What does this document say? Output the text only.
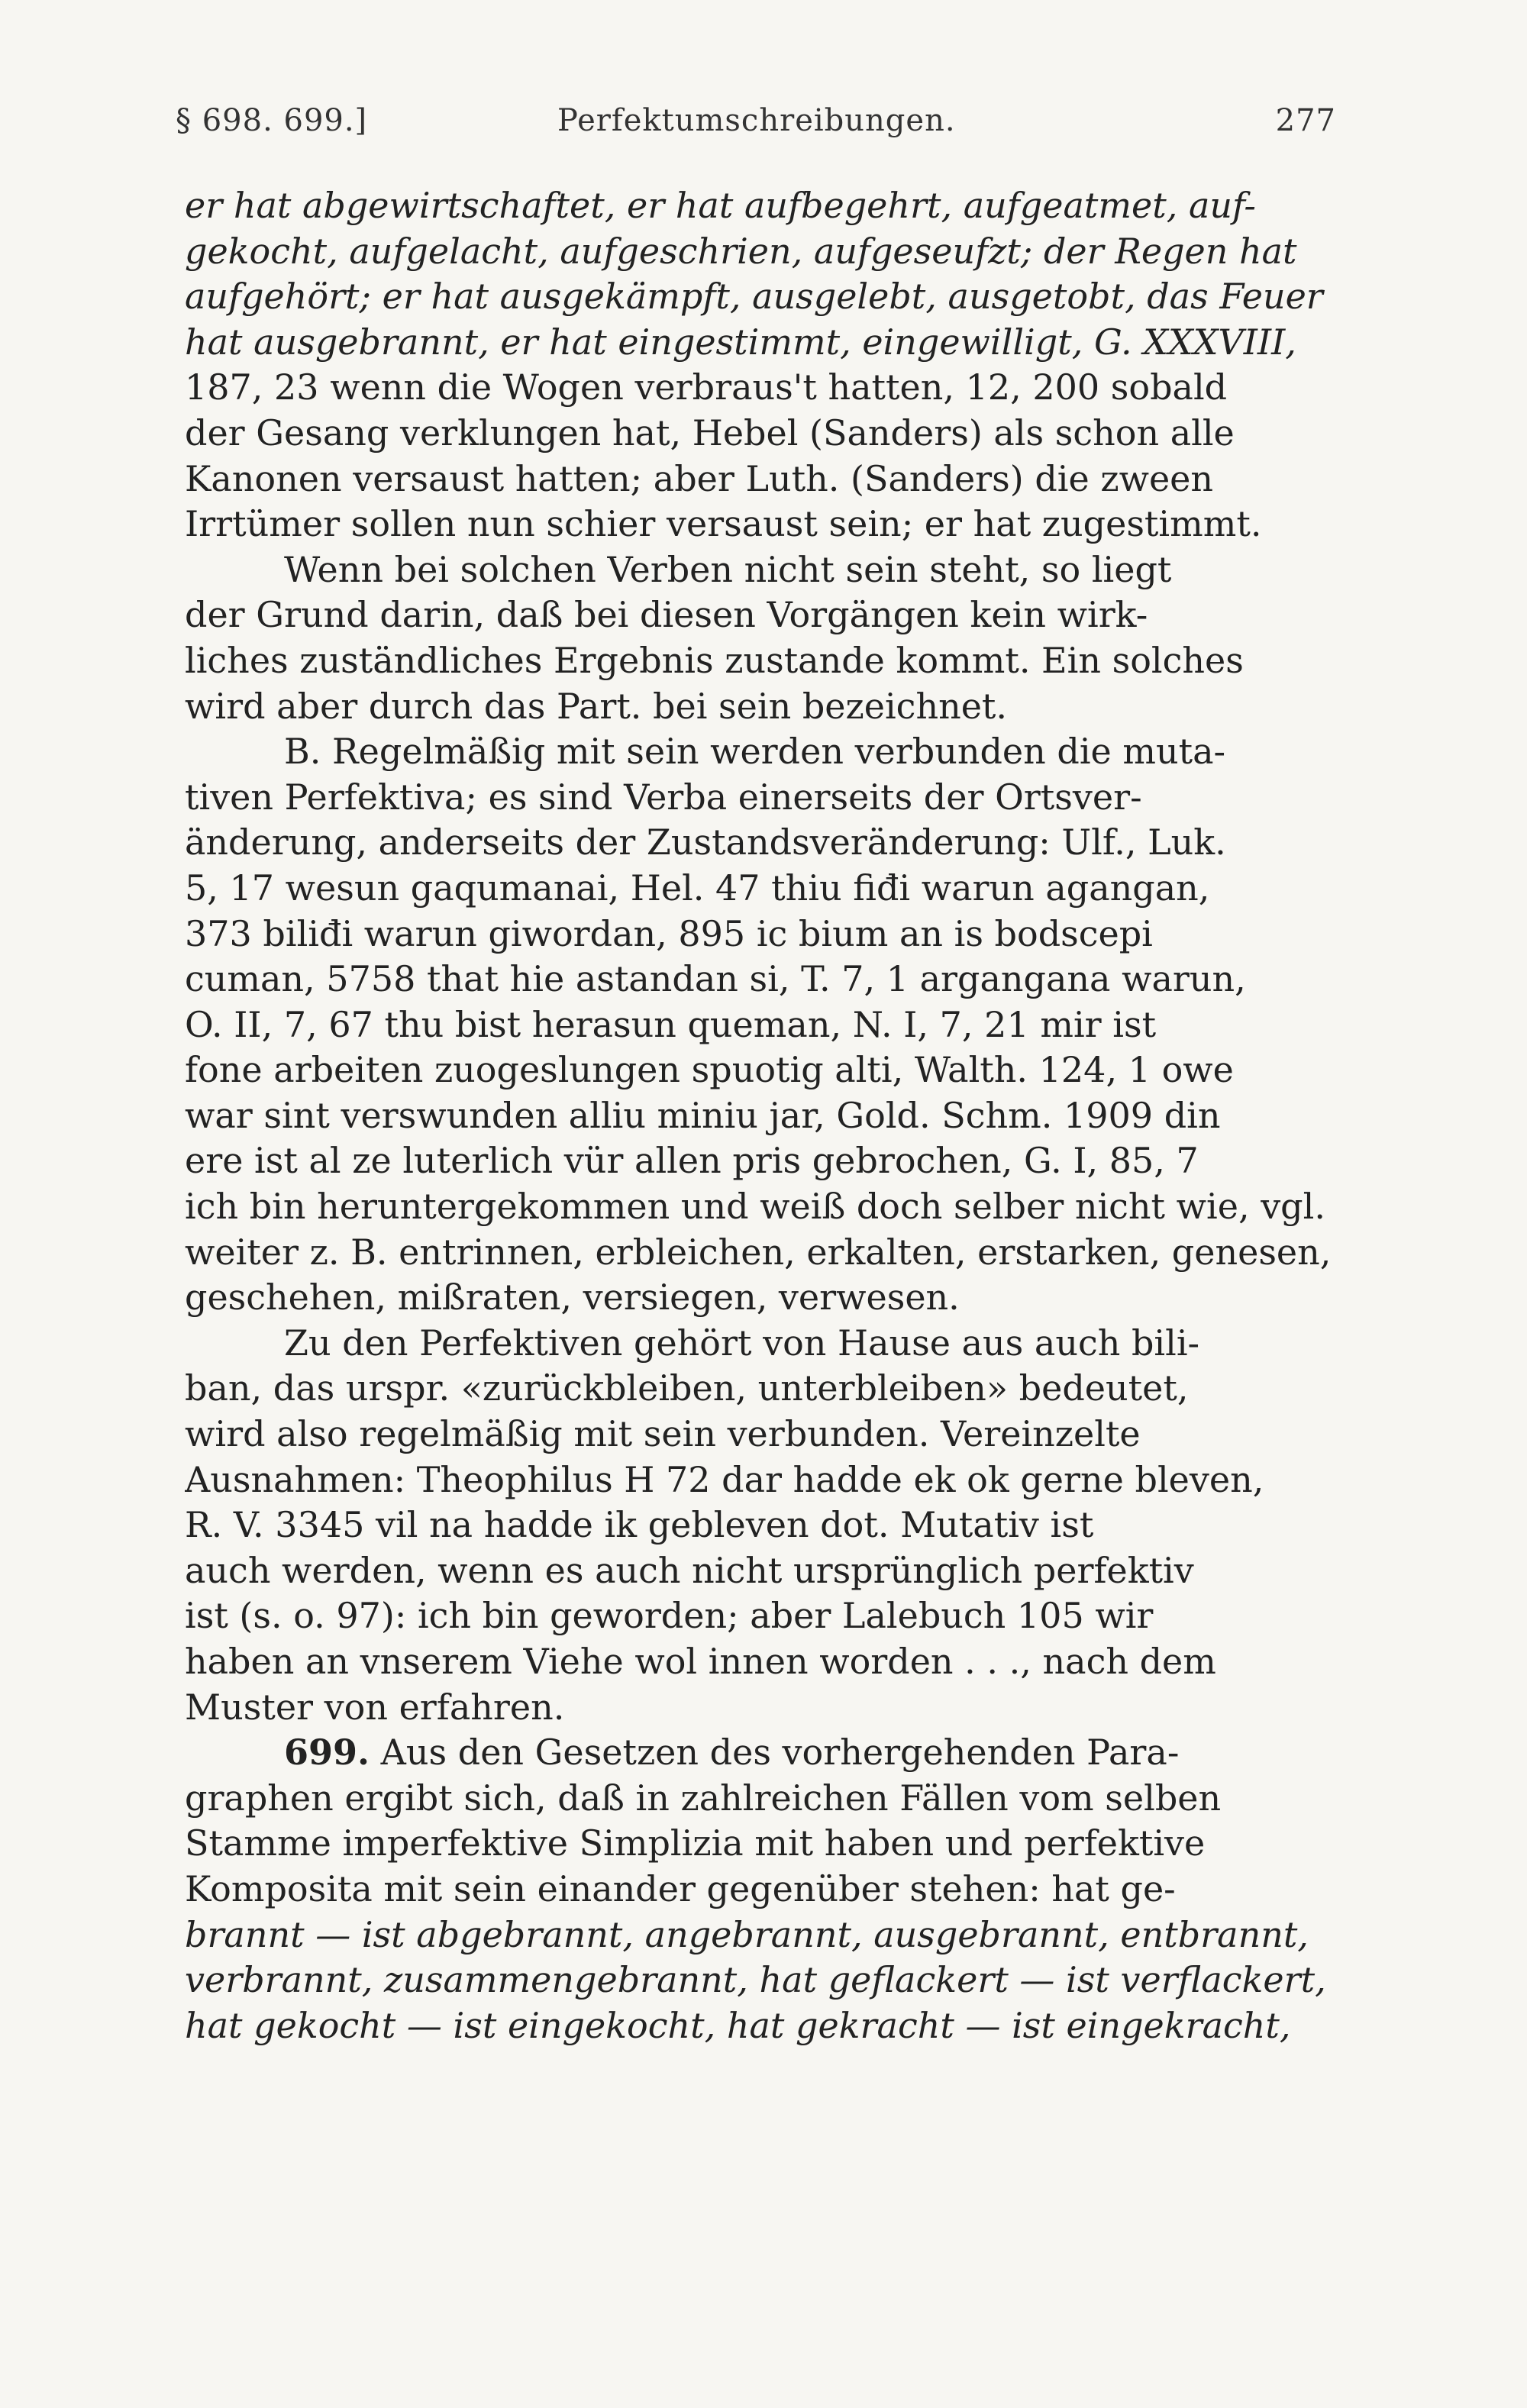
§ 698. 699.]	Perfektumschreibungen.	277
er hat abgewirtschaftet, er hat aufbegehrt, aufgeatmet, auf-
gekocht, aufgelacht, aufgeschrien, aufgeseufzt; der Regen hat
aufgehört; er hat ausgekämpft, ausgelebt, ausgetobt, das Feuer
hat ausgebrannt, er hat eingestimmt, eingewilligt, G. XXXVIII,
187, 23 wenn die Wogen verbraus't hatten, 12, 200 sobald
der Gesang verklungen hat, Hebel (Sanders) als schon alle
Kanonen versaust hatten; aber Luth. (Sanders) die zween
Irrtümer sollen nun schier versaust sein; er hat zugestimmt.
Wenn bei solchen Verben nicht sein steht, so liegt
der Grund darin, daß bei diesen Vorgängen kein wirk-
liches zuständliches Ergebnis zustande kommt. Ein solches
wird aber durch das Part. bei sein bezeichnet.
B. Regelmäßig mit sein werden verbunden die muta-
tiven Perfektiva; es sind Verba einerseits der Ortsver-
änderung, anderseits der Zustandsveränderung: Ulf., Luk.
5, 17 wesun gaqumanai, Hel. 47 thiu fiđi warun agangan,
373 biliđi warun giwordan, 895 ic bium an is bodscepi
cuman, 5758 that hie astandan si, T. 7, 1 argangana warun,
O. II, 7, 67 thu bist herasun queman, N. I, 7, 21 mir ist
fone arbeiten zuogeslungen spuotig alti, Walth. 124, 1 owe
war sint verswunden alliu miniu jar, Gold. Schm. 1909 din
ere ist al ze luterlich vür allen pris gebrochen, G. I, 85, 7
ich bin heruntergekommen und weiß doch selber nicht wie, vgl.
weiter z. B. entrinnen, erbleichen, erkalten, erstarken, genesen,
geschehen, mißraten, versiegen, verwesen.
Zu den Perfektiven gehört von Hause aus auch bili-
ban, das urspr. «zurückbleiben, unterbleiben» bedeutet,
wird also regelmäßig mit sein verbunden. Vereinzelte
Ausnahmen: Theophilus H 72 dar hadde ek ok gerne bleven,
R. V. 3345 vil na hadde ik gebleven dot. Mutativ ist
auch werden, wenn es auch nicht ursprünglich perfektiv
ist (s. o. 97): ich bin geworden; aber Lalebuch 105 wir
haben an vnserem Viehe wol innen worden . . ., nach dem
Muster von erfahren.
699. Aus den Gesetzen des vorhergehenden Para-
graphen ergibt sich, daß in zahlreichen Fällen vom selben
Stamme imperfektive Simplizia mit haben und perfektive
Komposita mit sein einander gegenüber stehen: hat ge-
brannt — ist abgebrannt, angebrannt, ausgebrannt, entbrannt,
verbrannt, zusammengebrannt, hat geflackert — ist verflackert,
hat gekocht — ist eingekocht, hat gekracht — ist eingekracht,
